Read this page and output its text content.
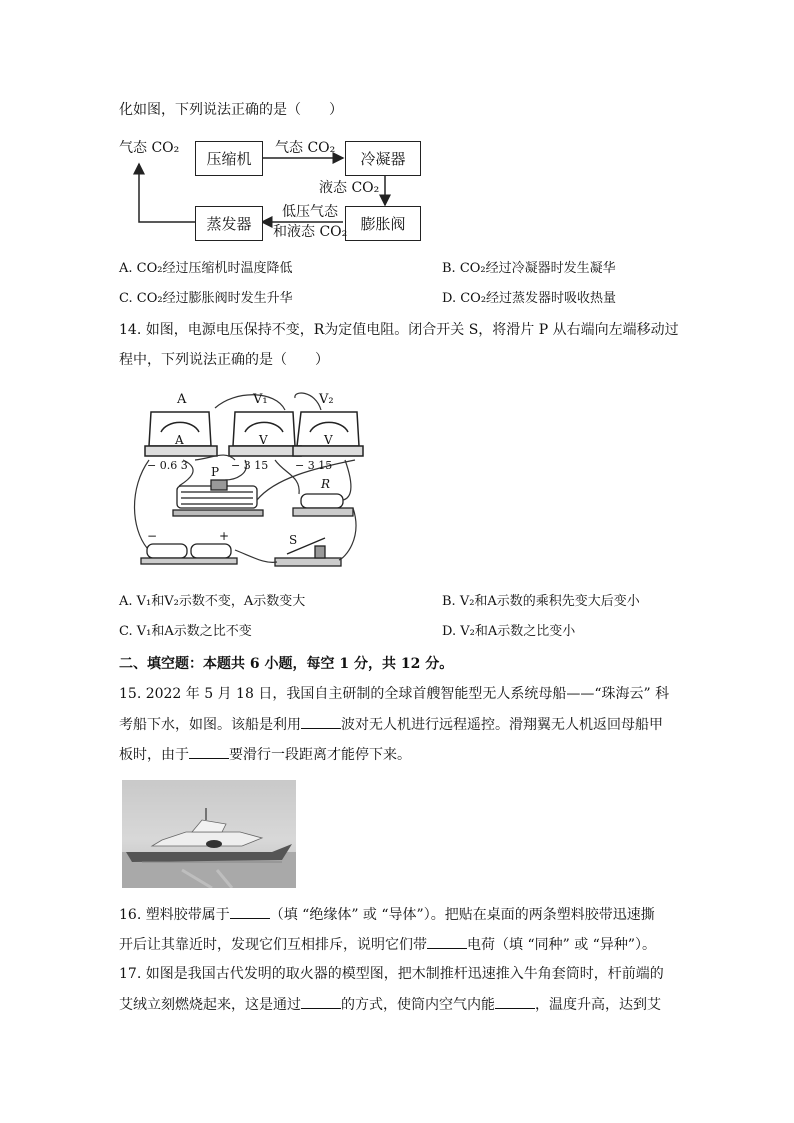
化如图，下列说法正确的是（　　）
气态 CO₂
压缩机
气态 CO₂
冷凝器
液态 CO₂
膨胀阀
低压气态
和液态 CO₂
蒸发器
A. CO₂经过压缩机时温度降低	B. CO₂经过冷凝器时发生凝华
C. CO₂经过膨胀阀时发生升华	D. CO₂经过蒸发器时吸收热量
14. 如图，电源电压保持不变，R为定值电阻。闭合开关 S，将滑片 P 从右端向左端移动过
程中，下列说法正确的是（　　）
A	V₁	V₂
A	V	V
− 0.6 3	− 3 15 − 3 15
P
R
S
−	+
A. V₁和V₂示数不变，A示数变大	B. V₂和A示数的乘积先变大后变小
C. V₁和A示数之比不变	D. V₂和A示数之比变小
二、填空题：本题共 6 小题，每空 1 分，共 12 分。
15. 2022 年 5 月 18 日，我国自主研制的全球首艘智能型无人系统母船——“珠海云” 科
考船下水，如图。该船是利用	波对无人机进行远程遥控。滑翔翼无人机返回母船甲
板时，由于	要滑行一段距离才能停下来。
16. 塑料胶带属于	（填 “绝缘体” 或 “导体”）。把贴在桌面的两条塑料胶带迅速撕
开后让其靠近时，发现它们互相排斥，说明它们带	电荷（填 “同种” 或 “异种”）。
17. 如图是我国古代发明的取火器的模型图，把木制推杆迅速推入牛角套筒时，杆前端的
艾绒立刻燃烧起来，这是通过	的方式，使筒内空气内能	，温度升高，达到艾
